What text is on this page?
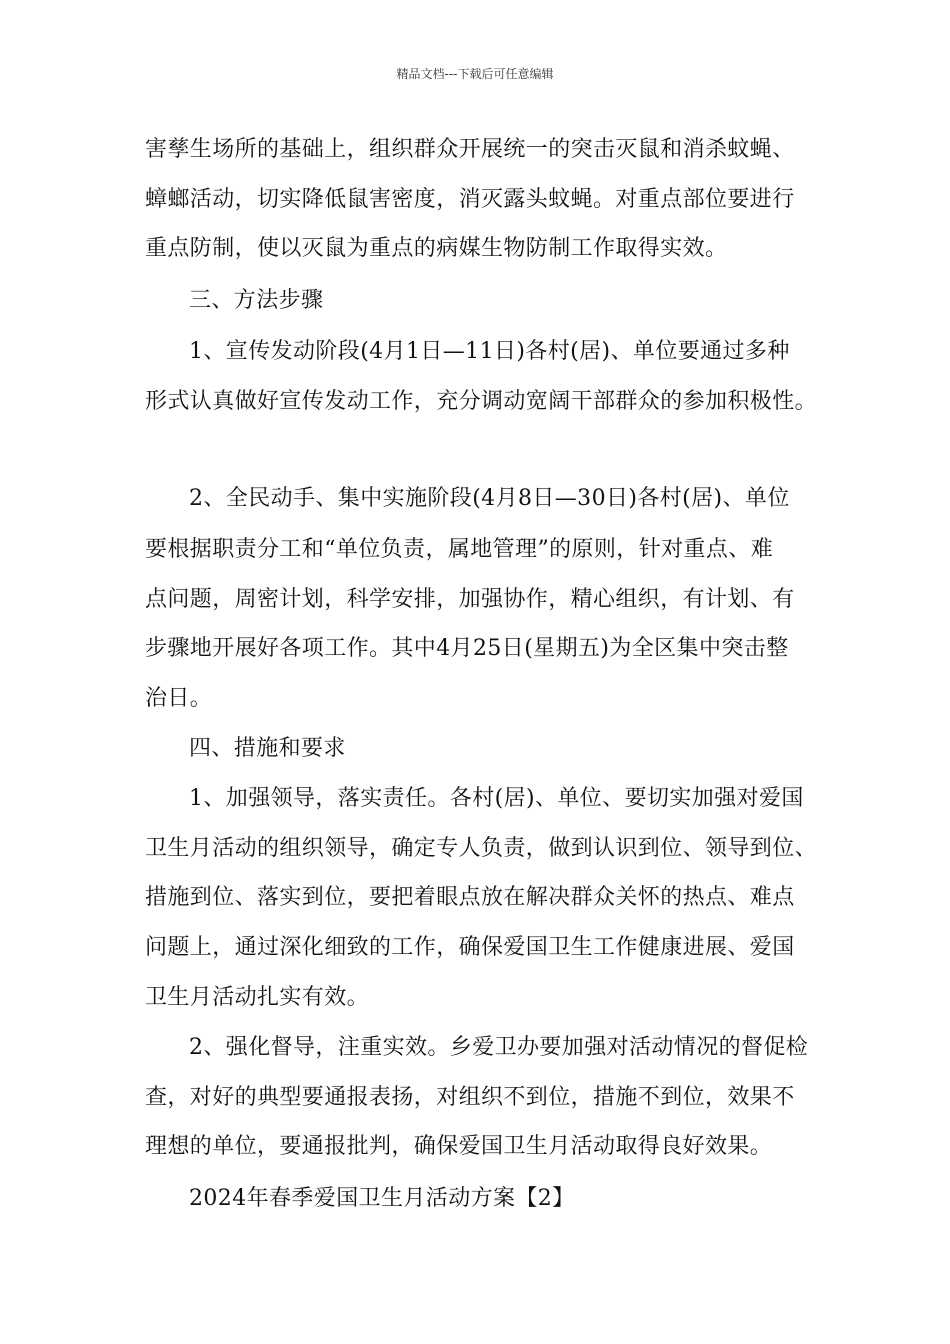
精品文档---下载后可任意编辑
害孳生场所的基础上，组织群众开展统一的突击灭鼠和消杀蚊蝇、
蟑螂活动，切实降低鼠害密度，消灭露头蚊蝇。对重点部位要进行
重点防制，使以灭鼠为重点的病媒生物防制工作取得实效。
三、方法步骤
1、宣传发动阶段(4月1日—11日)各村(居)、单位要通过多种
形式认真做好宣传发动工作，充分调动宽阔干部群众的参加积极性。
2、全民动手、集中实施阶段(4月8日—30日)各村(居)、单位
要根据职责分工和“单位负责，属地管理”的原则，针对重点、难
点问题，周密计划，科学安排，加强协作，精心组织，有计划、有
步骤地开展好各项工作。其中4月25日(星期五)为全区集中突击整
治日。
四、措施和要求
1、加强领导，落实责任。各村(居)、单位、要切实加强对爱国
卫生月活动的组织领导，确定专人负责，做到认识到位、领导到位、
措施到位、落实到位，要把着眼点放在解决群众关怀的热点、难点
问题上，通过深化细致的工作，确保爱国卫生工作健康进展、爱国
卫生月活动扎实有效。
2、强化督导，注重实效。乡爱卫办要加强对活动情况的督促检
查，对好的典型要通报表扬，对组织不到位，措施不到位，效果不
理想的单位，要通报批判，确保爱国卫生月活动取得良好效果。
2024年春季爱国卫生月活动方案【2】
